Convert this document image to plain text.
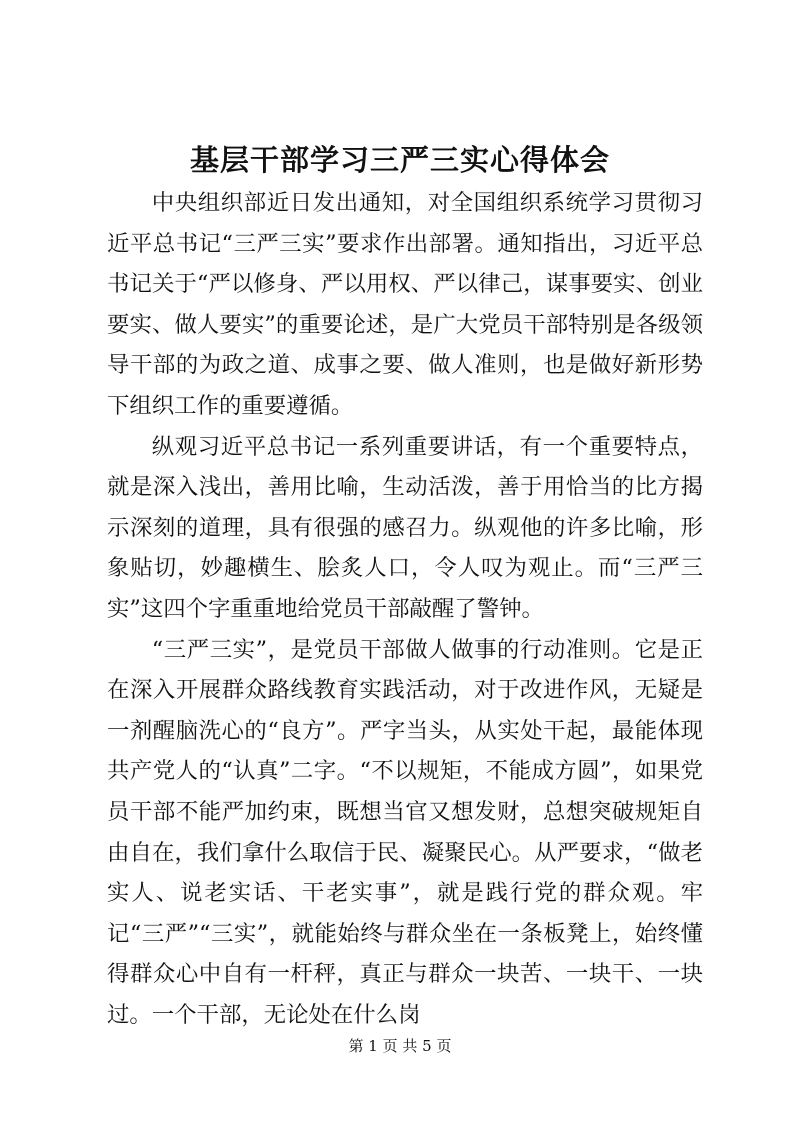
基层干部学习三严三实心得体会

中央组织部近日发出通知，对全国组织系统学习贯彻习近平总书记“三严三实”要求作出部署。通知指出，习近平总书记关于“严以修身、严以用权、严以律己，谋事要实、创业要实、做人要实”的重要论述，是广大党员干部特别是各级领导干部的为政之道、成事之要、做人准则，也是做好新形势下组织工作的重要遵循。

纵观习近平总书记一系列重要讲话，有一个重要特点，就是深入浅出，善用比喻，生动活泼，善于用恰当的比方揭示深刻的道理，具有很强的感召力。纵观他的许多比喻，形象贴切，妙趣横生、脍炙人口，令人叹为观止。而“三严三实”这四个字重重地给党员干部敲醒了警钟。

“三严三实”，是党员干部做人做事的行动准则。它是正在深入开展群众路线教育实践活动，对于改进作风，无疑是一剂醒脑洗心的“良方”。严字当头，从实处干起，最能体现共产党人的“认真”二字。“不以规矩，不能成方圆”，如果党员干部不能严加约束，既想当官又想发财，总想突破规矩自由自在，我们拿什么取信于民、凝聚民心。从严要求，“做老实人、说老实话、干老实事”，就是践行党的群众观。牢记“三严”“三实”，就能始终与群众坐在一条板凳上，始终懂得群众心中自有一杆秤，真正与群众一块苦、一块干、一块过。一个干部，无论处在什么岗

第 1 页 共 5 页
